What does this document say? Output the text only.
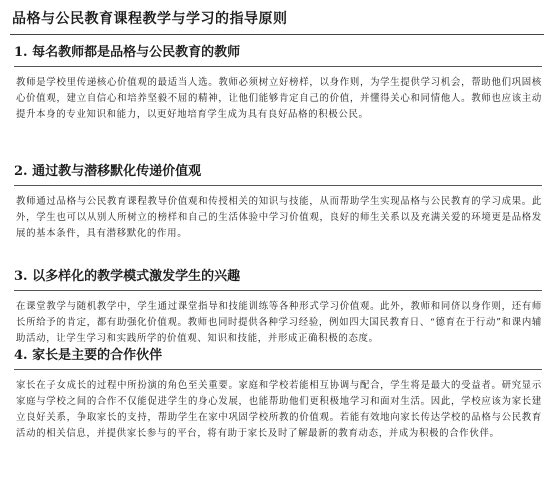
品格与公民教育课程教学与学习的指导原则
1. 每名教师都是品格与公民教育的教师
教师是学校里传递核心价值观的最适当人选。教师必须树立好榜样，以身作则，为学生提供学习机会，帮助他们巩固核心价值观，建立自信心和培养坚毅不屈的精神，让他们能够肯定自己的价值，并懂得关心和同情他人。教师也应该主动提升本身的专业知识和能力，以更好地培育学生成为具有良好品格的积极公民。
2. 通过教与潜移默化传递价值观
教师通过品格与公民教育课程教导价值观和传授相关的知识与技能，从而帮助学生实现品格与公民教育的学习成果。此外，学生也可以从别人所树立的榜样和自己的生活体验中学习价值观，良好的师生关系以及充满关爱的环境更是品格发展的基本条件，具有潜移默化的作用。
3. 以多样化的教学模式激发学生的兴趣
在课堂教学与随机教学中，学生通过课堂指导和技能训练等各种形式学习价值观。此外，教师和同侪以身作则，还有师长所给予的肯定，都有助强化价值观。教师也同时提供各种学习经验，例如四大国民教育日、“德育在于行动”和课内辅助活动，让学生学习和实践所学的价值观、知识和技能，并形成正确积极的态度。
4. 家长是主要的合作伙伴
家长在子女成长的过程中所扮演的角色至关重要。家庭和学校若能相互协调与配合，学生将是最大的受益者。研究显示家庭与学校之间的合作不仅能促进学生的身心发展，也能帮助他们更积极地学习和面对生活。因此，学校应该为家长建立良好关系，争取家长的支持，帮助学生在家中巩固学校所教的价值观。若能有效地向家长传达学校的品格与公民教育活动的相关信息，并提供家长参与的平台，将有助于家长及时了解最新的教育动态，并成为积极的合作伙伴。
